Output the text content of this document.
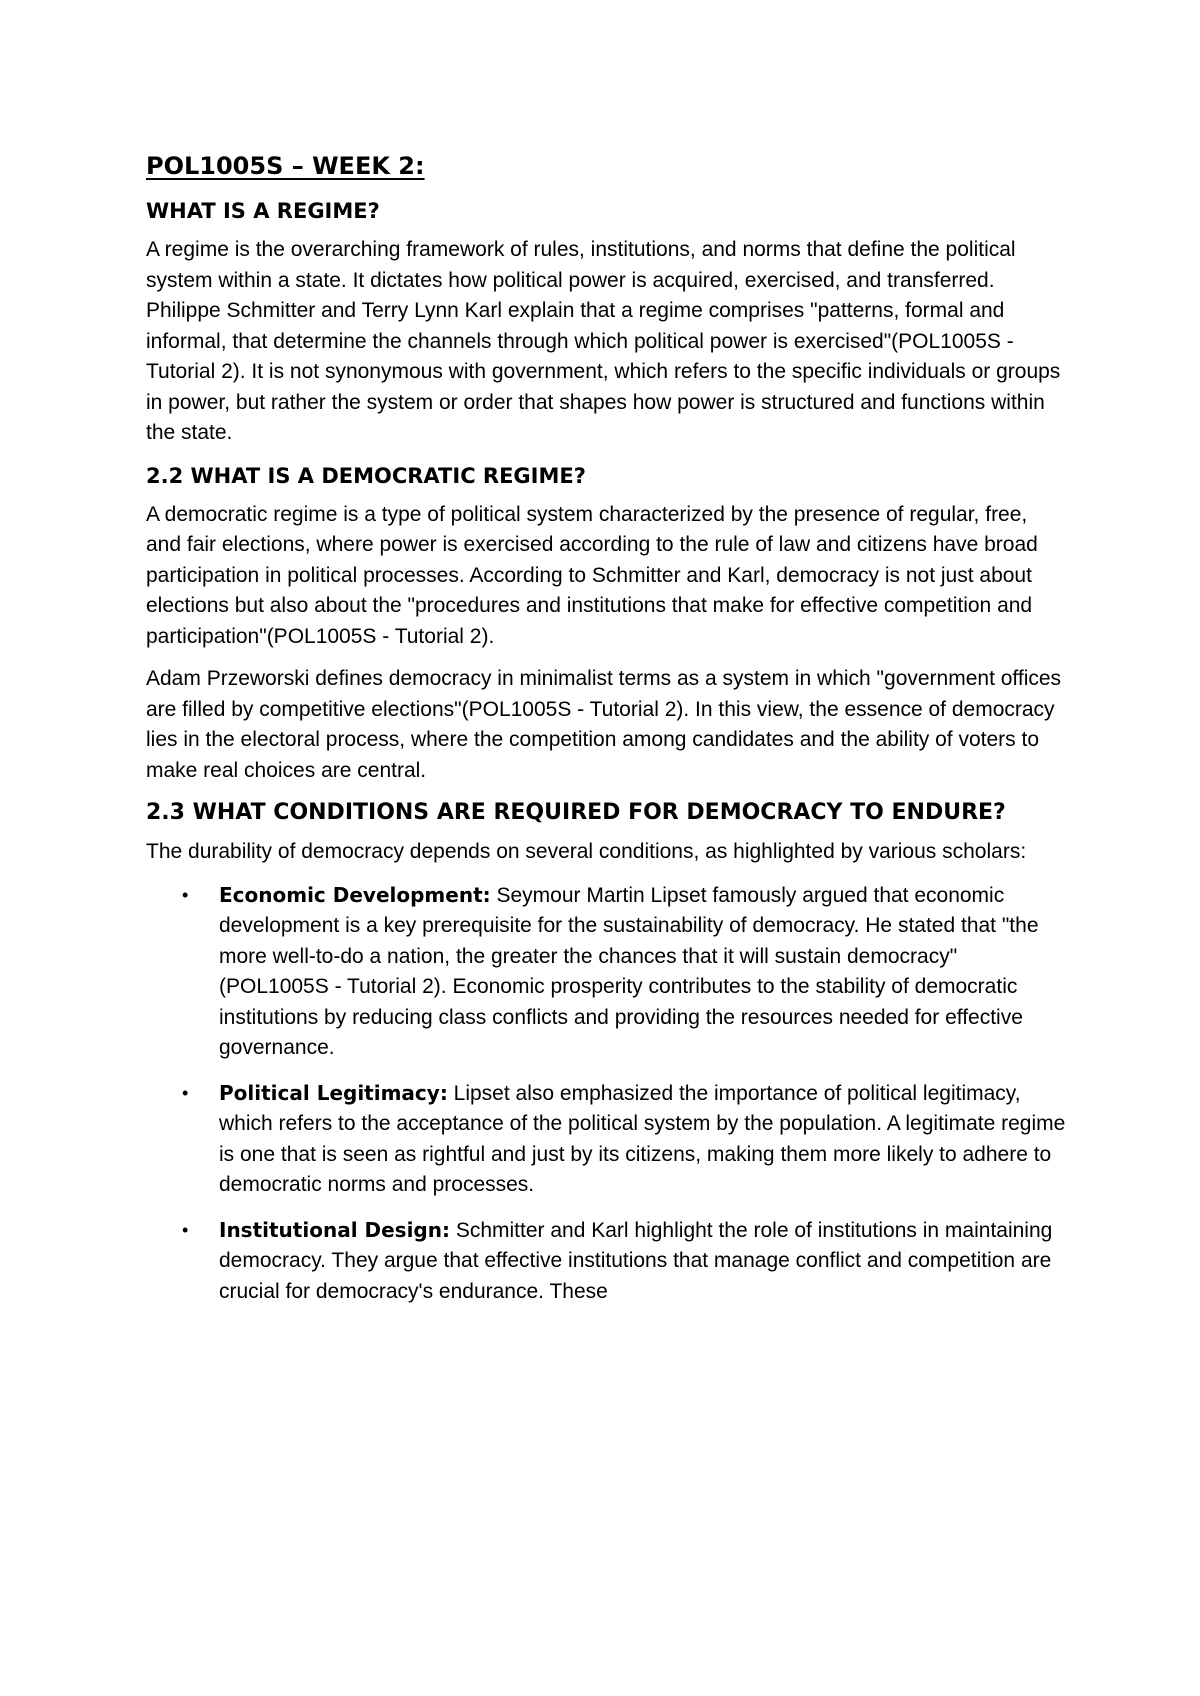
POL1005S – WEEK 2:
WHAT IS A REGIME?

A regime is the overarching framework of rules, institutions, and norms that define the political system within a state. It dictates how political power is acquired, exercised, and transferred. Philippe Schmitter and Terry Lynn Karl explain that a regime comprises "patterns, formal and informal, that determine the channels through which political power is exercised"(POL1005S - Tutorial 2). It is not synonymous with government, which refers to the specific individuals or groups in power, but rather the system or order that shapes how power is structured and functions within the state.

2.2 WHAT IS A DEMOCRATIC REGIME?

A democratic regime is a type of political system characterized by the presence of regular, free, and fair elections, where power is exercised according to the rule of law and citizens have broad participation in political processes. According to Schmitter and Karl, democracy is not just about elections but also about the "procedures and institutions that make for effective competition and participation"(POL1005S - Tutorial 2).

Adam Przeworski defines democracy in minimalist terms as a system in which "government offices are filled by competitive elections"(POL1005S - Tutorial 2). In this view, the essence of democracy lies in the electoral process, where the competition among candidates and the ability of voters to make real choices are central.

2.3 WHAT CONDITIONS ARE REQUIRED FOR DEMOCRACY TO ENDURE?

The durability of democracy depends on several conditions, as highlighted by various scholars:

• Economic Development: Seymour Martin Lipset famously argued that economic development is a key prerequisite for the sustainability of democracy. He stated that "the more well-to-do a nation, the greater the chances that it will sustain democracy"(POL1005S - Tutorial 2). Economic prosperity contributes to the stability of democratic institutions by reducing class conflicts and providing the resources needed for effective governance.
• Political Legitimacy: Lipset also emphasized the importance of political legitimacy, which refers to the acceptance of the political system by the population. A legitimate regime is one that is seen as rightful and just by its citizens, making them more likely to adhere to democratic norms and processes.
• Institutional Design: Schmitter and Karl highlight the role of institutions in maintaining democracy. They argue that effective institutions that manage conflict and competition are crucial for democracy's endurance. These
